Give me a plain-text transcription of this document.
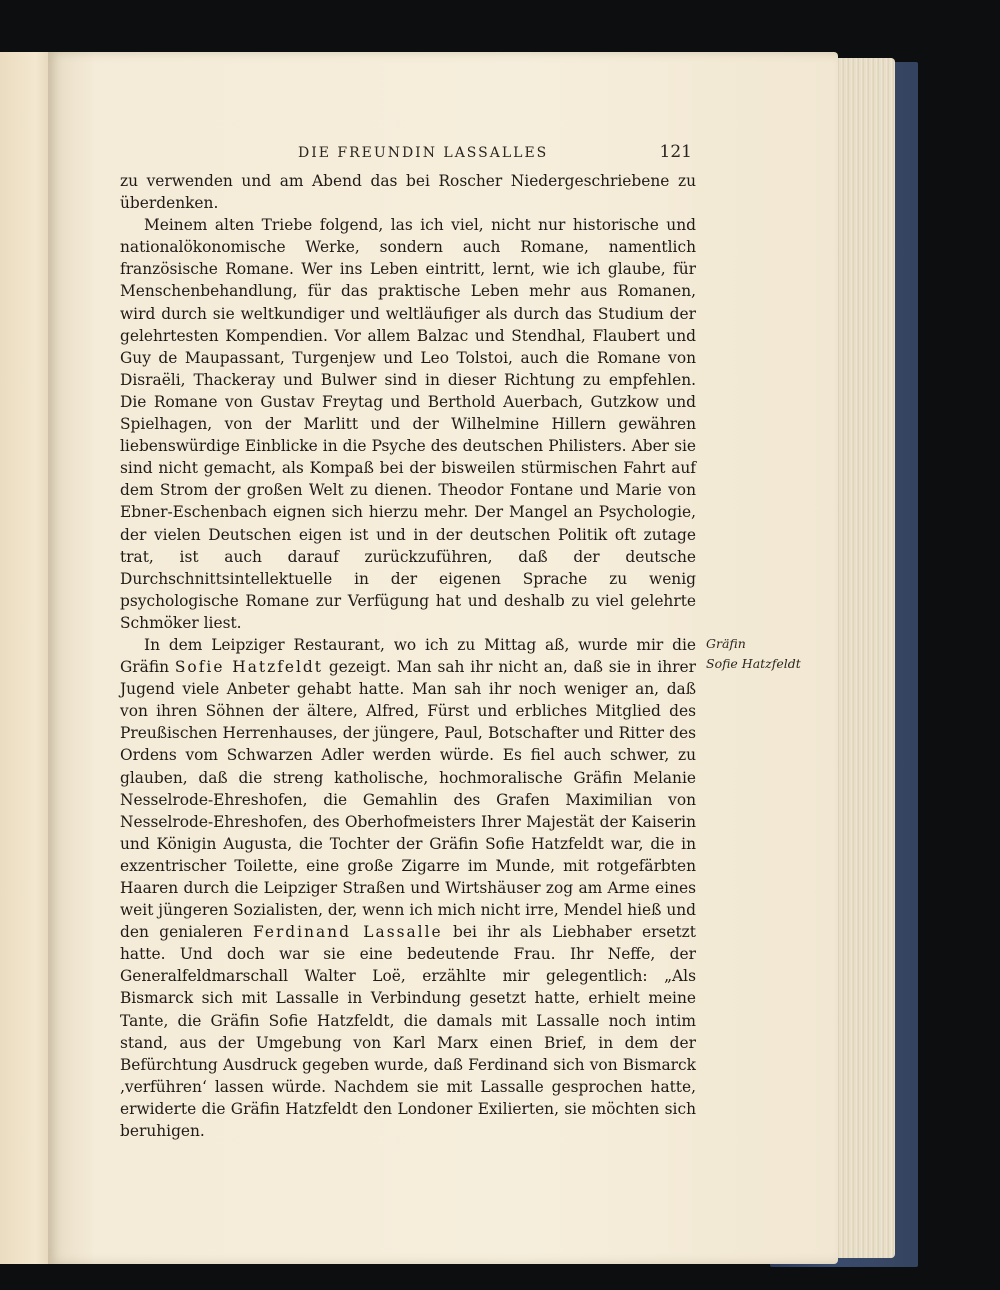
DIE FREUNDIN LASSALLES	121

zu verwenden und am Abend das bei Roscher Niedergeschriebene zu überdenken.

Meinem alten Triebe folgend, las ich viel, nicht nur historische und nationalökonomische Werke, sondern auch Romane, namentlich französische Romane. Wer ins Leben eintritt, lernt, wie ich glaube, für Menschenbehandlung, für das praktische Leben mehr aus Romanen, wird durch sie weltkundiger und weltläufiger als durch das Studium der gelehrtesten Kompendien. Vor allem Balzac und Stendhal, Flaubert und Guy de Maupassant, Turgenjew und Leo Tolstoi, auch die Romane von Disraëli, Thackeray und Bulwer sind in dieser Richtung zu empfehlen. Die Romane von Gustav Freytag und Berthold Auerbach, Gutzkow und Spielhagen, von der Marlitt und der Wilhelmine Hillern gewähren liebenswürdige Einblicke in die Psyche des deutschen Philisters. Aber sie sind nicht gemacht, als Kompaß bei der bisweilen stürmischen Fahrt auf dem Strom der großen Welt zu dienen. Theodor Fontane und Marie von Ebner-Eschenbach eignen sich hierzu mehr. Der Mangel an Psychologie, der vielen Deutschen eigen ist und in der deutschen Politik oft zutage trat, ist auch darauf zurückzuführen, daß der deutsche Durchschnittsintellektuelle in der eigenen Sprache zu wenig psychologische Romane zur Verfügung hat und deshalb zu viel gelehrte Schmöker liest.

In dem Leipziger Restaurant, wo ich zu Mittag aß, wurde mir die Gräfin Sofie Hatzfeldt gezeigt. Man sah ihr nicht an, daß sie in ihrer Jugend viele Anbeter gehabt hatte. Man sah ihr noch weniger an, daß von ihren Söhnen der ältere, Alfred, Fürst und erbliches Mitglied des Preußischen Herrenhauses, der jüngere, Paul, Botschafter und Ritter des Ordens vom Schwarzen Adler werden würde. Es fiel auch schwer, zu glauben, daß die streng katholische, hochmoralische Gräfin Melanie Nesselrode-Ehreshofen, die Gemahlin des Grafen Maximilian von Nesselrode-Ehreshofen, des Oberhofmeisters Ihrer Majestät der Kaiserin und Königin Augusta, die Tochter der Gräfin Sofie Hatzfeldt war, die in exzentrischer Toilette, eine große Zigarre im Munde, mit rotgefärbten Haaren durch die Leipziger Straßen und Wirtshäuser zog am Arme eines weit jüngeren Sozialisten, der, wenn ich mich nicht irre, Mendel hieß und den genialeren Ferdinand Lassalle bei ihr als Liebhaber ersetzt hatte. Und doch war sie eine bedeutende Frau. Ihr Neffe, der Generalfeldmarschall Walter Loë, erzählte mir gelegentlich: „Als Bismarck sich mit Lassalle in Verbindung gesetzt hatte, erhielt meine Tante, die Gräfin Sofie Hatzfeldt, die damals mit Lassalle noch intim stand, aus der Umgebung von Karl Marx einen Brief, in dem der Befürchtung Ausdruck gegeben wurde, daß Ferdinand sich von Bismarck ‚verführen‘ lassen würde. Nachdem sie mit Lassalle gesprochen hatte, erwiderte die Gräfin Hatzfeldt den Londoner Exilierten, sie möchten sich beruhigen.

Gräfin
Sofie Hatzfeldt
